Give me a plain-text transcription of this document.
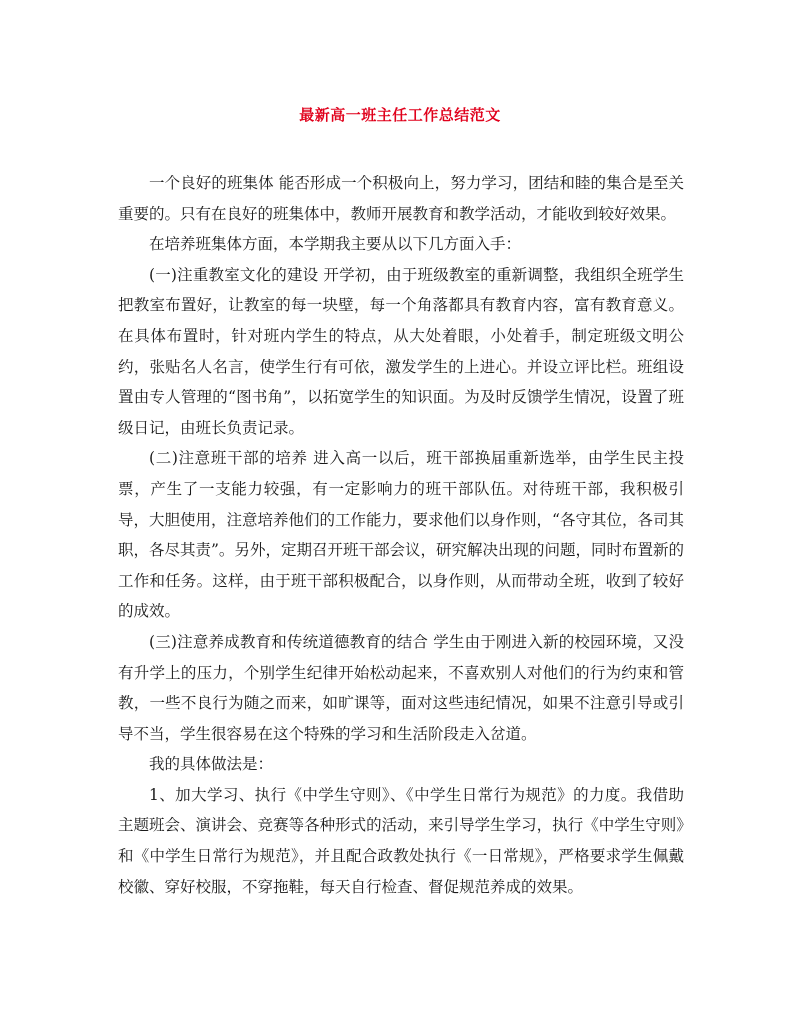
最新高一班主任工作总结范文

一个良好的班集体 能否形成一个积极向上，努力学习，团结和睦的集合是至关重要的。只有在良好的班集体中，教师开展教育和教学活动，才能收到较好效果。

在培养班集体方面，本学期我主要从以下几方面入手：

(一)注重教室文化的建设 开学初，由于班级教室的重新调整，我组织全班学生把教室布置好，让教室的每一块壁，每一个角落都具有教育内容，富有教育意义。在具体布置时，针对班内学生的特点，从大处着眼，小处着手，制定班级文明公约，张贴名人名言，使学生行有可依，激发学生的上进心。并设立评比栏。班组设置由专人管理的“图书角”，以拓宽学生的知识面。为及时反馈学生情况，设置了班级日记，由班长负责记录。

(二)注意班干部的培养 进入高一以后，班干部换届重新选举，由学生民主投票，产生了一支能力较强，有一定影响力的班干部队伍。对待班干部，我积极引导，大胆使用，注意培养他们的工作能力，要求他们以身作则，“各守其位，各司其职，各尽其责”。另外，定期召开班干部会议，研究解决出现的问题，同时布置新的工作和任务。这样，由于班干部积极配合，以身作则，从而带动全班，收到了较好的成效。

(三)注意养成教育和传统道德教育的结合 学生由于刚进入新的校园环境，又没有升学上的压力，个别学生纪律开始松动起来，不喜欢别人对他们的行为约束和管教，一些不良行为随之而来，如旷课等，面对这些违纪情况，如果不注意引导或引导不当，学生很容易在这个特殊的学习和生活阶段走入岔道。

我的具体做法是：

1、加大学习、执行《中学生守则》、《中学生日常行为规范》的力度。我借助主题班会、演讲会、竞赛等各种形式的活动，来引导学生学习，执行《中学生守则》和《中学生日常行为规范》，并且配合政教处执行《一日常规》，严格要求学生佩戴校徽、穿好校服，不穿拖鞋，每天自行检查、督促规范养成的效果。
